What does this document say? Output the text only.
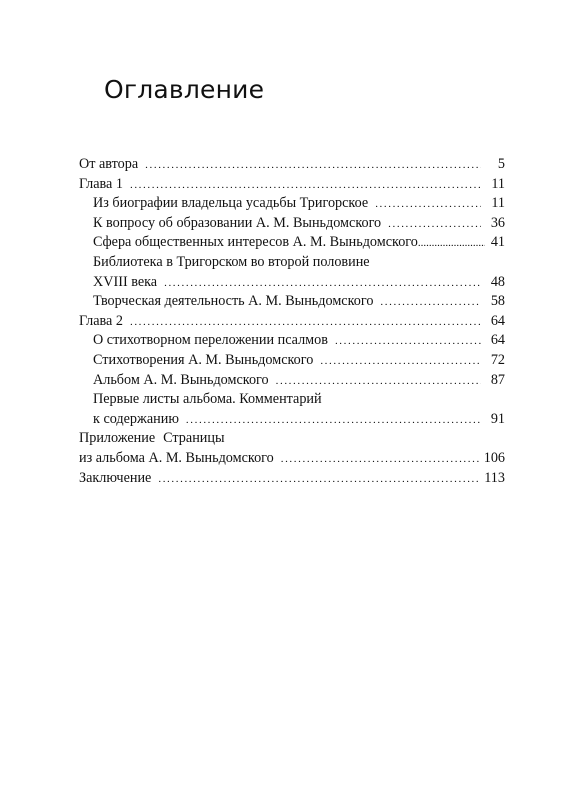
Оглавление
От автора .....	5
Глава 1 .....	11
Из биографии владельца усадьбы Тригорское .....	11
К вопросу об образовании А. М. Выньдомского .....	36
Сфера общественных интересов А. М. Выньдомского .....	41
Библиотека в Тригорском во второй половине
XVIII века .....	48
Творческая деятельность А. М. Выньдомского .....	58
Глава 2 .....	64
О стихотворном переложении псалмов .....	64
Стихотворения А. М. Выньдомского .....	72
Альбом А. М. Выньдомского .....	87
Первые листы альбома. Комментарий
к содержанию .....	91
Приложение Страницы
из альбома А. М. Выньдомского .....	106
Заключение .....	113
